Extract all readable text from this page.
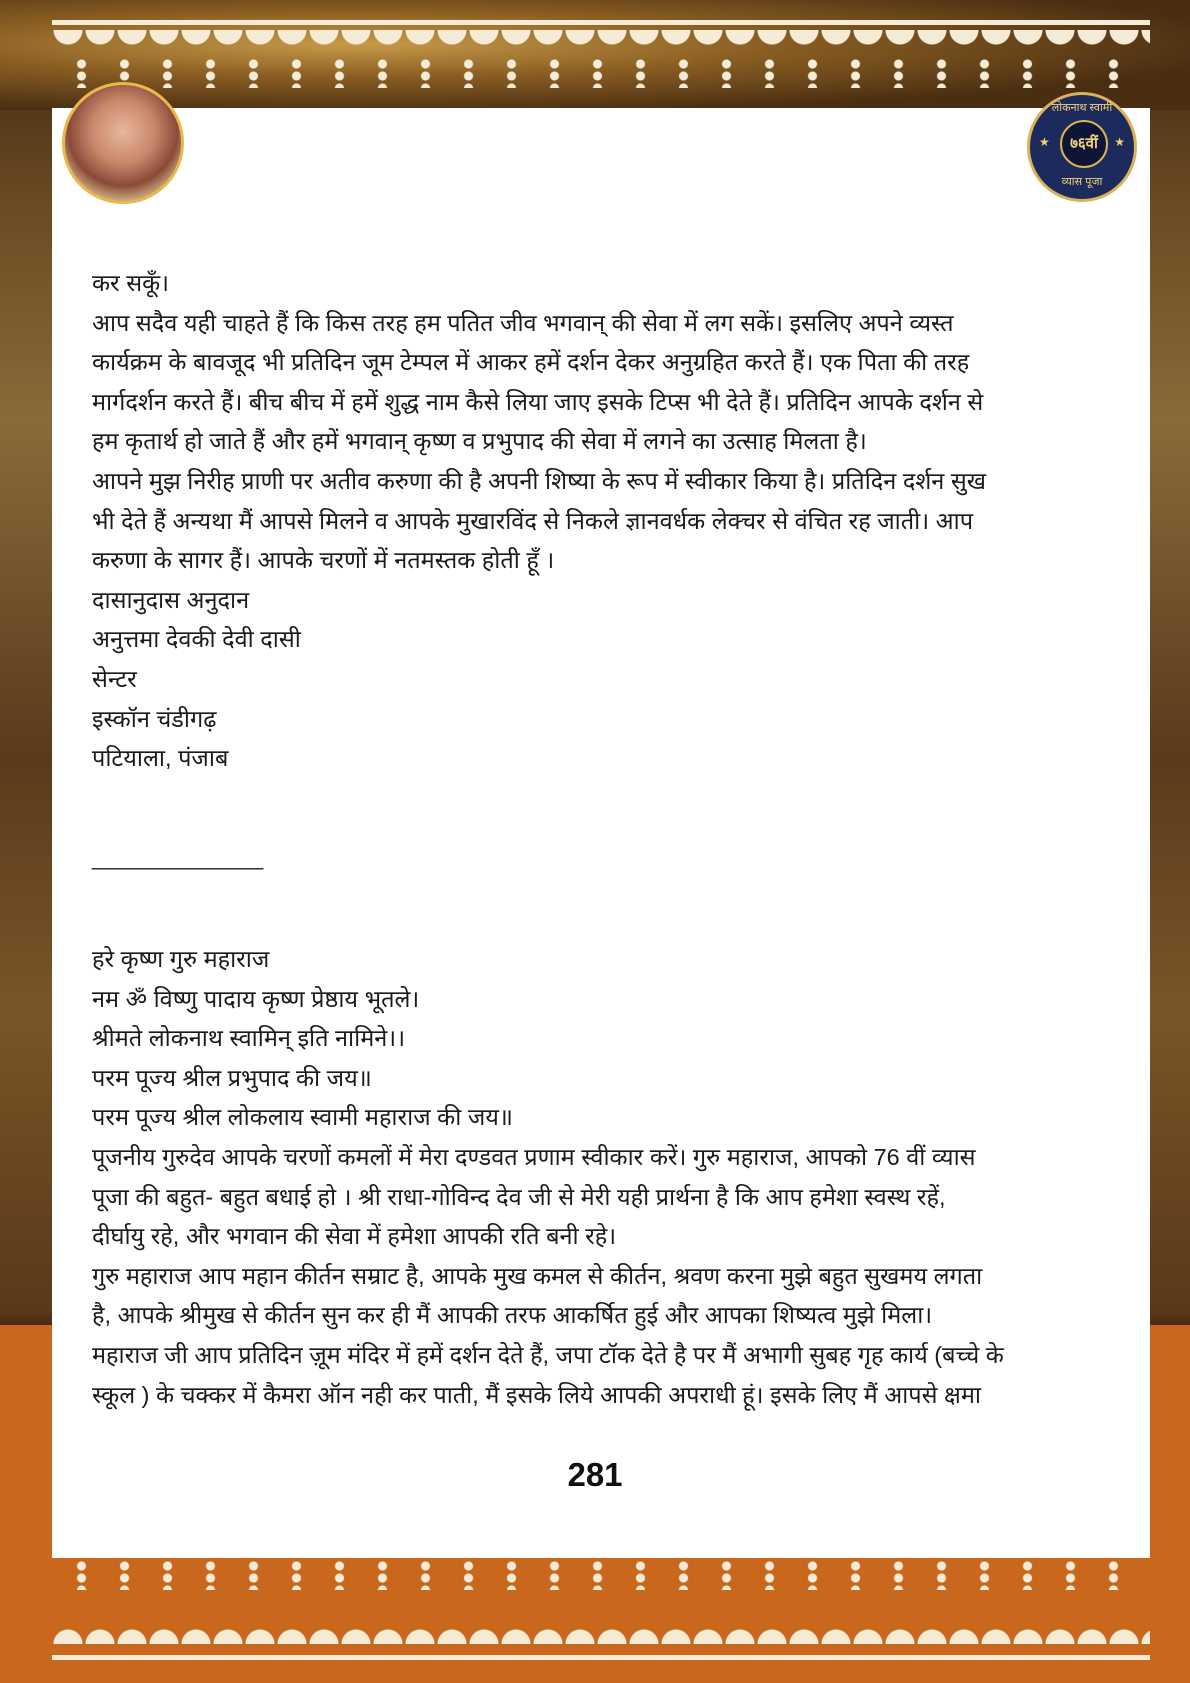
लोकनाथ स्वामी
★	७६वीं	★
व्यास पूजा
कर सकूँ।
आप सदैव यही चाहते हैं कि किस तरह हम पतित जीव भगवान् की सेवा में लग सकें। इसलिए अपने व्यस्त
कार्यक्रम के बावजूद भी प्रतिदिन जूम टेम्पल में आकर हमें दर्शन देकर अनुग्रहित करते हैं। एक पिता की तरह
मार्गदर्शन करते हैं। बीच बीच में हमें शुद्ध नाम कैसे लिया जाए इसके टिप्स भी देते हैं। प्रतिदिन आपके दर्शन से
हम कृतार्थ हो जाते हैं और हमें भगवान् कृष्ण व प्रभुपाद की सेवा में लगने का उत्साह मिलता है।
आपने मुझ निरीह प्राणी पर अतीव करुणा की है अपनी शिष्या के रूप में स्वीकार किया है। प्रतिदिन दर्शन सुख
भी देते हैं अन्यथा मैं आपसे मिलने व आपके मुखारविंद से निकले ज्ञानवर्धक लेक्चर से वंचित रह जाती। आप
करुणा के सागर हैं। आपके चरणों में नतमस्तक होती हूँ ।
दासानुदास अनुदान
अनुत्तमा देवकी देवी दासी
सेन्टर
इस्कॉन चंडीगढ़
पटियाला, पंजाब
______________
हरे कृष्ण गुरु महाराज
नम ॐ विष्णु पादाय कृष्ण प्रेष्ठाय भूतले।
श्रीमते लोकनाथ स्वामिन् इति नामिने।।
परम पूज्य श्रील प्रभुपाद की जय॥
परम पूज्य श्रील लोकलाय स्वामी महाराज की जय॥
पूजनीय गुरुदेव आपके चरणों कमलों में मेरा दण्डवत प्रणाम स्वीकार करें। गुरु महाराज, आपको 76 वीं व्यास
पूजा की बहुत- बहुत बधाई हो । श्री राधा-गोविन्द देव जी से मेरी यही प्रार्थना है कि आप हमेशा स्वस्थ रहें,
दीर्घायु रहे, और भगवान की सेवा में हमेशा आपकी रति बनी रहे।
गुरु महाराज आप महान कीर्तन सम्राट है, आपके मुख कमल से कीर्तन, श्रवण करना मुझे बहुत सुखमय लगता
है, आपके श्रीमुख से कीर्तन सुन कर ही मैं आपकी तरफ आकर्षित हुई और आपका शिष्यत्व मुझे मिला।
महाराज जी आप प्रतिदिन ज़ूम मंदिर में हमें दर्शन देते हैं, जपा टॉक देते है पर मैं अभागी सुबह गृह कार्य (बच्चे के
स्कूल ) के चक्कर में कैमरा ऑन नही कर पाती, मैं इसके लिये आपकी अपराधी हूं। इसके लिए मैं आपसे क्षमा
281
